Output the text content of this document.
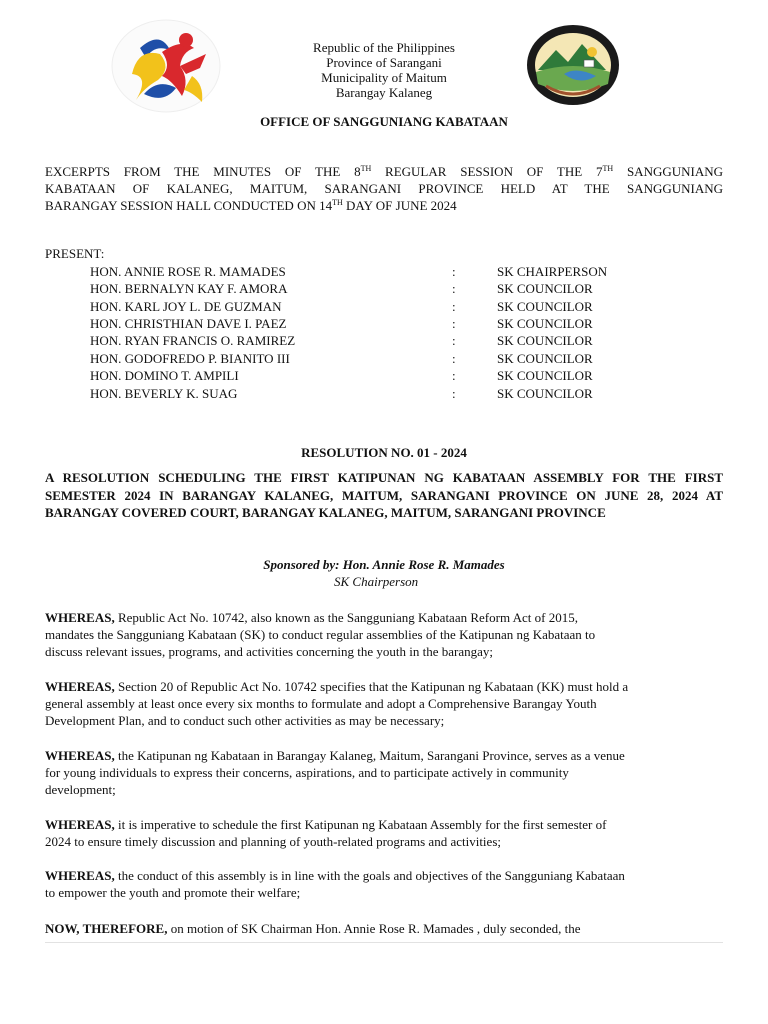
Republic of the Philippines
Province of Sarangani
Municipality of Maitum
Barangay Kalaneg
OFFICE OF SANGGUNIANG KABATAAN
EXCERPTS FROM THE MINUTES OF THE 8TH REGULAR SESSION OF THE 7TH SANGGUNIANG
KABATAAN OF KALANEG, MAITUM, SARANGANI PROVINCE HELD AT THE SANGGUNIANG
BARANGAY SESSION HALL CONDUCTED ON 14TH DAY OF JUNE 2024
PRESENT:
HON. ANNIE ROSE R. MAMADES	:	SK CHAIRPERSON
HON. BERNALYN KAY F. AMORA	:	SK COUNCILOR
HON. KARL JOY L. DE GUZMAN	:	SK COUNCILOR
HON. CHRISTHIAN DAVE I. PAEZ	:	SK COUNCILOR
HON. RYAN FRANCIS O. RAMIREZ	:	SK COUNCILOR
HON. GODOFREDO P. BIANITO III	:	SK COUNCILOR
HON. DOMINO T. AMPILI	:	SK COUNCILOR
HON. BEVERLY K. SUAG	:	SK COUNCILOR
RESOLUTION NO. 01 - 2024
A RESOLUTION SCHEDULING THE FIRST KATIPUNAN NG KABATAAN ASSEMBLY FOR THE FIRST SEMESTER 2024 IN BARANGAY KALANEG, MAITUM, SARANGANI PROVINCE ON JUNE 28, 2024 AT BARANGAY COVERED COURT, BARANGAY KALANEG, MAITUM, SARANGANI PROVINCE
Sponsored by: Hon. Annie Rose R. Mamades
SK Chairperson
WHEREAS, Republic Act No. 10742, also known as the Sangguniang Kabataan Reform Act of 2015,
mandates the Sangguniang Kabataan (SK) to conduct regular assemblies of the Katipunan ng Kabataan to
discuss relevant issues, programs, and activities concerning the youth in the barangay;
WHEREAS, Section 20 of Republic Act No. 10742 specifies that the Katipunan ng Kabataan (KK) must hold a
general assembly at least once every six months to formulate and adopt a Comprehensive Barangay Youth
Development Plan, and to conduct such other activities as may be necessary;
WHEREAS, the Katipunan ng Kabataan in Barangay Kalaneg, Maitum, Sarangani Province, serves as a venue
for young individuals to express their concerns, aspirations, and to participate actively in community
development;
WHEREAS, it is imperative to schedule the first Katipunan ng Kabataan Assembly for the first semester of
2024 to ensure timely discussion and planning of youth-related programs and activities;
WHEREAS, the conduct of this assembly is in line with the goals and objectives of the Sangguniang Kabataan
to empower the youth and promote their welfare;
NOW, THEREFORE, on motion of SK Chairman Hon. Annie Rose R. Mamades , duly seconded, the
